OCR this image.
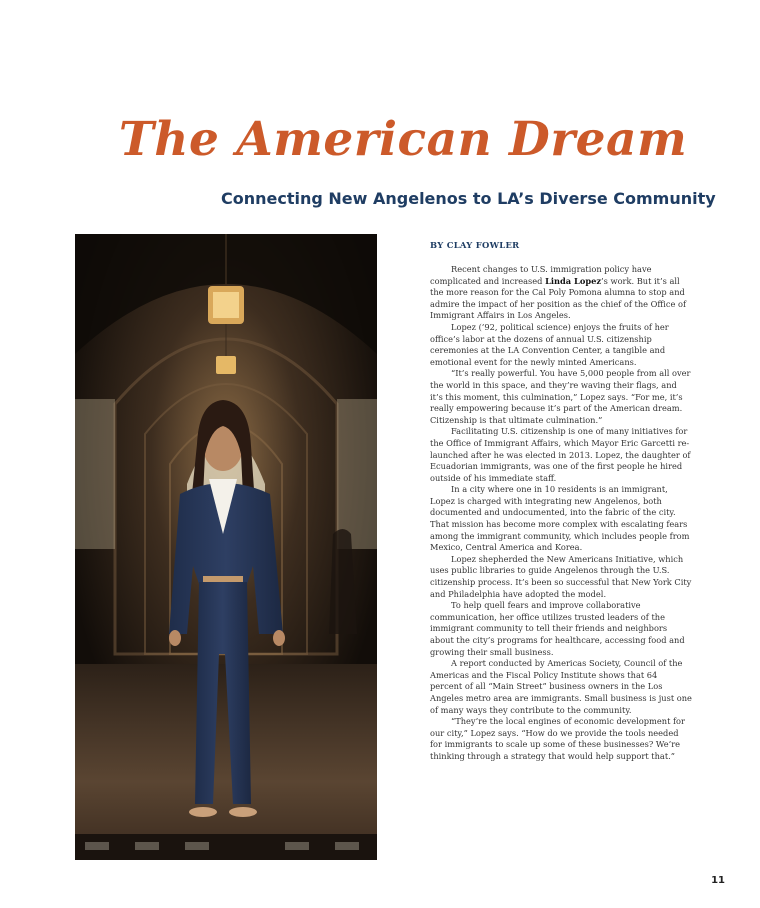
The American Dream
Connecting New Angelenos to LA’s Diverse Community

BY CLAY FOWLER

Recent changes to U.S. immigration policy have complicated and increased Linda Lopez’s work. But it’s all the more reason for the Cal Poly Pomona alumna to stop and admire the impact of her position as the chief of the Office of Immigrant Affairs in Los Angeles.

Lopez (’92, political science) enjoys the fruits of her office’s labor at the dozens of annual U.S. citizenship ceremonies at the LA Convention Center, a tangible and emotional event for the newly minted Americans.

“It’s really powerful. You have 5,000 people from all over the world in this space, and they’re waving their flags, and it’s this moment, this culmination,” Lopez says. “For me, it’s really empowering because it’s part of the American dream. Citizenship is that ultimate culmination.”

Facilitating U.S. citizenship is one of many initiatives for the Office of Immigrant Affairs, which Mayor Eric Garcetti re-launched after he was elected in 2013. Lopez, the daughter of Ecuadorian immigrants, was one of the first people he hired outside of his immediate staff.

In a city where one in 10 residents is an immigrant, Lopez is charged with integrating new Angelenos, both documented and undocumented, into the fabric of the city. That mission has become more complex with escalating fears among the immigrant community, which includes people from Mexico, Central America and Korea.

Lopez shepherded the New Americans Initiative, which uses public libraries to guide Angelenos through the U.S. citizenship process. It’s been so successful that New York City and Philadelphia have adopted the model.

To help quell fears and improve collaborative communication, her office utilizes trusted leaders of the immigrant community to tell their friends and neighbors about the city’s programs for healthcare, accessing food and growing their small business.

A report conducted by Americas Society, Council of the Americas and the Fiscal Policy Institute shows that 64 percent of all “Main Street” business owners in the Los Angeles metro area are immigrants. Small business is just one of many ways they contribute to the community.

“They’re the local engines of economic development for our city,” Lopez says. “How do we provide the tools needed for immigrants to scale up some of these businesses? We’re thinking through a strategy that would help support that.”

11
